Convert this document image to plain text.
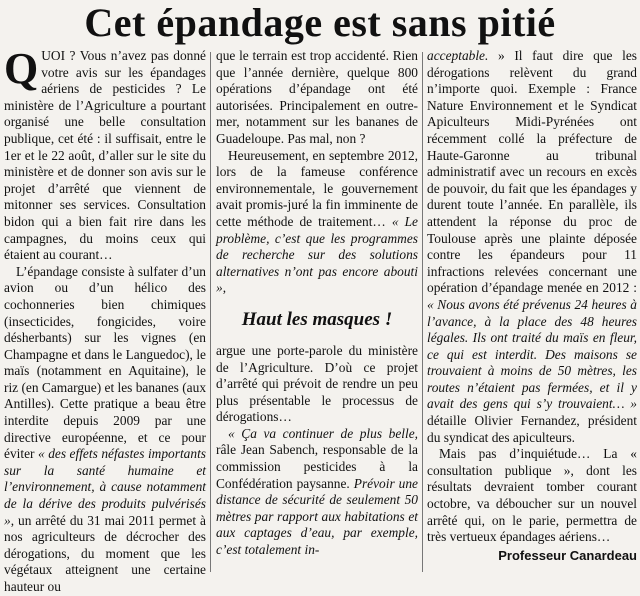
Cet épandage est sans pitié

QUOI ? Vous n’avez pas donné votre avis sur les épandages aériens de pesticides ? Le ministère de l’Agriculture a pourtant organisé une belle consultation publique, cet été : il suffisait, entre le 1er et le 22 août, d’aller sur le site du ministère et de donner son avis sur le projet d’arrêté que viennent de mitonner ses services. Consultation bidon qui a bien fait rire dans les campagnes, du moins ceux qui étaient au courant…

L’épandage consiste à sulfater d’un avion ou d’un hélico des cochonneries bien chimiques (insecticides, fongicides, voire désherbants) sur les vignes (en Champagne et dans le Languedoc), le maïs (notamment en Aquitaine), le riz (en Camargue) et les bananes (aux Antilles). Cette pratique a beau être interdite depuis 2009 par une directive européenne, et ce pour éviter « des effets néfastes importants sur la santé humaine et l’environnement, à cause notamment de la dérive des produits pulvérisés », un arrêté du 31 mai 2011 permet à nos agriculteurs de décrocher des dérogations, du moment que les végétaux atteignent une certaine hauteur ou

que le terrain est trop accidenté. Rien que l’année dernière, quelque 800 opérations d’épandage ont été autorisées. Principalement en outre-mer, notamment sur les bananes de Guadeloupe. Pas mal, non ?

Heureusement, en septembre 2012, lors de la fameuse conférence environnementale, le gouvernement avait promis-juré la fin imminente de cette méthode de traitement… « Le problème, c’est que les programmes de recherche sur des solutions alternatives n’ont pas encore abouti »,

Haut les masques !

argue une porte-parole du ministère de l’Agriculture. D’où ce projet d’arrêté qui prévoit de rendre un peu plus présentable le processus de dérogations…

« Ça va continuer de plus belle, râle Jean Sabench, responsable de la commission pesticides à la Confédération paysanne. Prévoir une distance de sécurité de seulement 50 mètres par rapport aux habitations et aux captages d’eau, par exemple, c’est totalement in-

acceptable. » Il faut dire que les dérogations relèvent du grand n’importe quoi. Exemple : France Nature Environnement et le Syndicat Apiculteurs Midi-Pyrénées ont récemment collé la préfecture de Haute-Garonne au tribunal administratif avec un recours en excès de pouvoir, du fait que les épandages y durent toute l’année. En parallèle, ils attendent la réponse du proc de Toulouse après une plainte déposée contre les épandeurs pour 11 infractions relevées concernant une opération d’épandage menée en 2012 : « Nous avons été prévenus 24 heures à l’avance, à la place des 48 heures légales. Ils ont traité du maïs en fleur, ce qui est interdit. Des maisons se trouvaient à moins de 50 mètres, les routes n’étaient pas fermées, et il y avait des gens qui s’y trouvaient… » détaille Olivier Fernandez, président du syndicat des apiculteurs.

Mais pas d’inquiétude… La « consultation publique », dont les résultats devraient tomber courant octobre, va déboucher sur un nouvel arrêté qui, on le parie, permettra de très vertueux épandages aériens…

Professeur Canardeau
